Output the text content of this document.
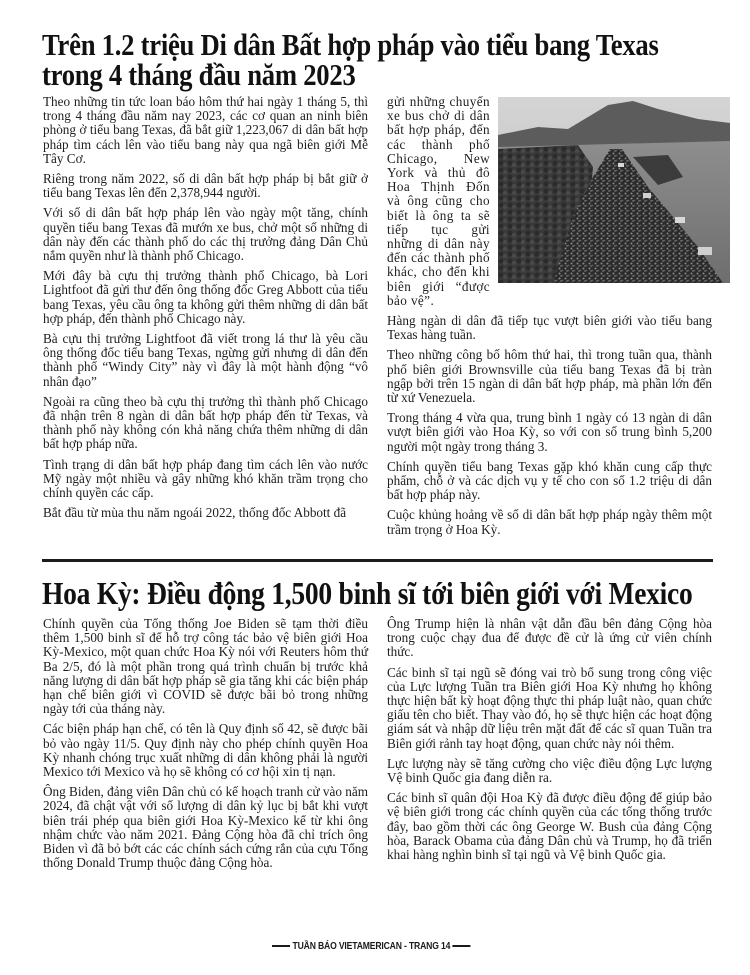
Trên 1.2 triệu Di dân Bất hợp pháp vào tiểu bang Texas trong 4 tháng đầu năm 2023

Theo những tin tức loan báo hôm thứ hai ngày 1 tháng 5, thì trong 4 tháng đầu năm nay 2023, các cơ quan an ninh biên phòng ở tiểu bang Texas, đã bắt giữ 1,223,067 di dân bất hợp pháp tìm cách lên vào tiểu bang này qua ngã biên giới Mễ Tây Cơ.

Riêng trong năm 2022, số di dân bất hợp pháp bị bắt giữ ở tiểu bang Texas lên đến 2,378,944 người.

Với số di dân bất hợp pháp lên vào ngày một tăng, chính quyền tiểu bang Texas đã mướn xe bus, chở một số những di dân này đến các thành phố do các thị trưởng đảng Dân Chủ nắm quyền như là thành phố Chicago.

Mới đây bà cựu thị trưởng thành phố Chicago, bà Lori Lightfoot đã gửi thư đến ông thống đốc Greg Abbott của tiểu bang Texas, yêu cầu ông ta không gửi thêm những di dân bất hợp pháp, đến thành phố Chicago này.

Bà cựu thị trưởng Lightfoot đã viết trong lá thư là yêu cầu ông thống đốc tiểu bang Texas, ngừng gửi nhưng di dân đến thành phố “Windy City” này vì đây là một hành động “vô nhân đạo”

Ngoài ra cũng theo bà cựu thị trưởng thì thành phố Chicago đã nhận trên 8 ngàn di dân bất hợp pháp đến từ Texas, và thành phố này không cón khả năng chứa thêm những di dân bất hợp pháp nữa.

Tình trạng di dân bất hợp pháp đang tìm cách lên vào nước Mỹ ngày một nhiều và gây những khó khăn trầm trọng cho chính quyền các cấp.

Bắt đầu từ mùa thu năm ngoái 2022, thống đốc Abbott đã

gửi những chuyến xe bus chở di dân bất hợp pháp, đến các thành phố Chicago, New York và thủ đô Hoa Thịnh Đốn và ông cũng cho biết là ông ta sẽ tiếp tục gửi những di dân này đến các thành phố khác, cho đến khi biên giới “được bảo vệ”.

Hàng ngàn di dân đã tiếp tục vượt biên giới vào tiểu bang Texas hàng tuần.

Theo những công bố hôm thứ hai, thì trong tuần qua, thành phố biên giới Brownsville của tiểu bang Texas đã bị tràn ngập bởi trên 15 ngàn di dân bất hợp pháp, mà phần lớn đến từ xứ Venezuela.

Trong tháng 4 vừa qua, trung bình 1 ngày có 13 ngàn di dân vượt biên giới vào Hoa Kỳ, so với con số trung bình 5,200 người một ngày trong tháng 3.

Chính quyền tiểu bang Texas gặp khó khăn cung cấp thực phẩm, chỗ ở và các dịch vụ y tế cho con số 1.2 triệu di dân bất hợp pháp này.

Cuộc khủng hoảng về số di dân bất hợp pháp ngày thêm một trầm trọng ở Hoa Kỳ.

Hoa Kỳ: Điều động 1,500 binh sĩ tới biên giới với Mexico

Chính quyền của Tổng thống Joe Biden sẽ tạm thời điều thêm 1,500 binh sĩ để hỗ trợ công tác bảo vệ biên giới Hoa Kỳ-Mexico, một quan chức Hoa Kỳ nói với Reuters hôm thứ Ba 2/5, đó là một phần trong quá trình chuẩn bị trước khả năng lượng di dân bất hợp pháp sẽ gia tăng khi các biện pháp hạn chế biên giới vì COVID sẽ được bãi bỏ trong những ngày tới của tháng này.

Các biện pháp hạn chế, có tên là Quy định số 42, sẽ được bãi bỏ vào ngày 11/5. Quy định này cho phép chính quyền Hoa Kỳ nhanh chóng trục xuất những di dân không phải là người Mexico tới Mexico và họ sẽ không có cơ hội xin tị nạn.

Ông Biden, đảng viên Dân chủ có kế hoạch tranh cử vào năm 2024, đã chật vật với số lượng di dân kỷ lục bị bắt khi vượt biên trái phép qua biên giới Hoa Kỳ-Mexico kể từ khi ông nhậm chức vào năm 2021. Đảng Cộng hòa đã chỉ trích ông Biden vì đã bỏ bớt các các chính sách cứng rắn của cựu Tổng thống Donald Trump thuộc đảng Cộng hòa.

Ông Trump hiện là nhân vật dẫn đầu bên đảng Cộng hòa trong cuộc chạy đua để được đề cử là ứng cử viên chính thức.

Các binh sĩ tại ngũ sẽ đóng vai trò bổ sung trong công việc của Lực lượng Tuần tra Biên giới Hoa Kỳ nhưng họ không thực hiện bất kỳ hoạt động thực thi pháp luật nào, quan chức giấu tên cho biết. Thay vào đó, họ sẽ thực hiện các hoạt động giám sát và nhập dữ liệu trên mặt đất để các sĩ quan Tuần tra Biên giới rảnh tay hoạt động, quan chức này nói thêm.

Lực lượng này sẽ tăng cường cho việc điều động Lực lượng Vệ binh Quốc gia đang diễn ra.

Các binh sĩ quân đội Hoa Kỳ đã được điều động để giúp bảo vệ biên giới trong các chính quyền của các tổng thống trước đây, bao gồm thời các ông George W. Bush của đảng Cộng hòa, Barack Obama của đảng Dân chủ và Trump, họ đã triển khai hàng nghìn binh sĩ tại ngũ và Vệ binh Quốc gia.

TUẦN BÁO VIETAMERICAN - TRANG 14
